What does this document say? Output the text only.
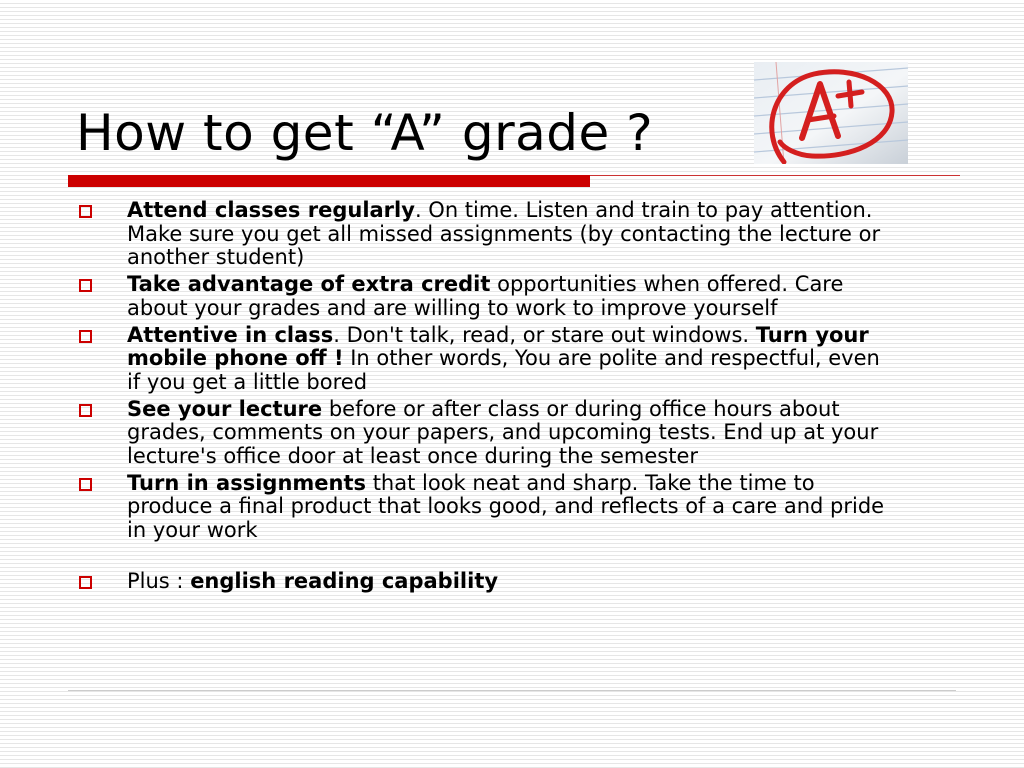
How to get “A” grade ?
Attend classes regularly. On time. Listen and train to pay attention. Make sure you get all missed assignments (by contacting the lecture or another student)
Take advantage of extra credit opportunities when offered. Care about your grades and are willing to work to improve yourself
Attentive in class. Don't talk, read, or stare out windows. Turn your mobile phone off ! In other words, You are polite and respectful, even if you get a little bored
See your lecture before or after class or during office hours about grades, comments on your papers, and upcoming tests. End up at your lecture's office door at least once during the semester
Turn in assignments that look neat and sharp. Take the time to produce a final product that looks good, and reflects of a care and pride in your work
Plus : english reading capability
